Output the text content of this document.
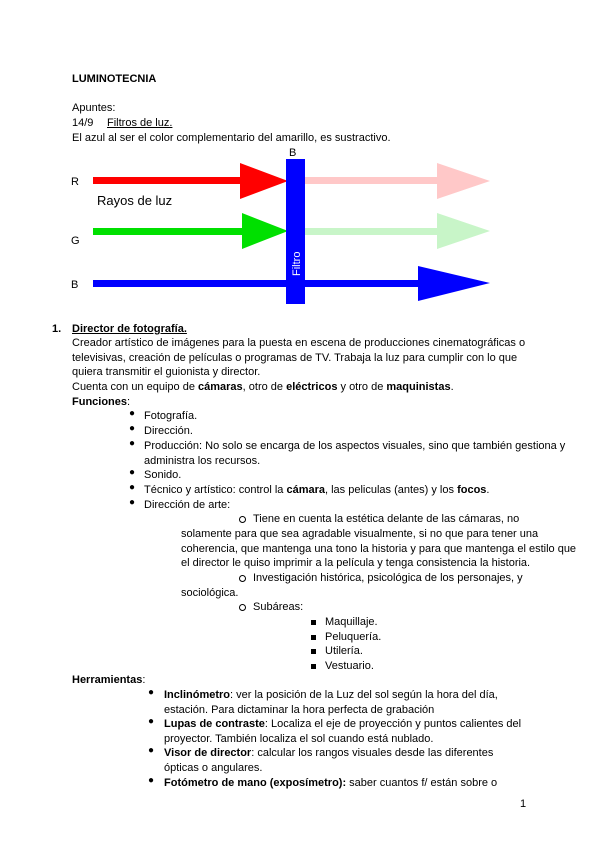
LUMINOTECNIA
Apuntes:
14/9 Filtros de luz.
El azul al ser el color complementario del amarillo, es sustractivo.
B
R
G
B
Rayos de luz
Filtro
1. Director de fotografía.
Creador artístico de imágenes para la puesta en escena de producciones cinematográficas o televisivas, creación de películas o programas de TV. Trabaja la luz para cumplir con lo que quiera transmitir el guionista y director.
Cuenta con un equipo de cámaras, otro de eléctricos y otro de maquinistas.
Funciones:
● Fotografía.
● Dirección.
● Producción: No solo se encarga de los aspectos visuales, sino que también gestiona y administra los recursos.
● Sonido.
● Técnico y artístico: control la cámara, las peliculas (antes) y los focos.
● Dirección de arte:
Tiene en cuenta la estética delante de las cámaras, no
solamente para que sea agradable visualmente, si no que para tener una coherencia, que mantenga una tono la historia y para que mantenga el estilo que el director le quiso imprimir a la película y tenga consistencia la historia.
Investigación histórica, psicológica de los personajes, y
sociológica.
Subáreas:
Maquillaje.
Peluquería.
Utilería.
Vestuario.
Herramientas:
● Inclinómetro: ver la posición de la Luz del sol según la hora del día, estación. Para dictaminar la hora perfecta de grabación
● Lupas de contraste: Localiza el eje de proyección y puntos calientes del proyector. También localiza el sol cuando está nublado.
● Visor de director: calcular los rangos visuales desde las diferentes ópticas o angulares.
● Fotómetro de mano (exposímetro): saber cuantos f/ están sobre o
1
